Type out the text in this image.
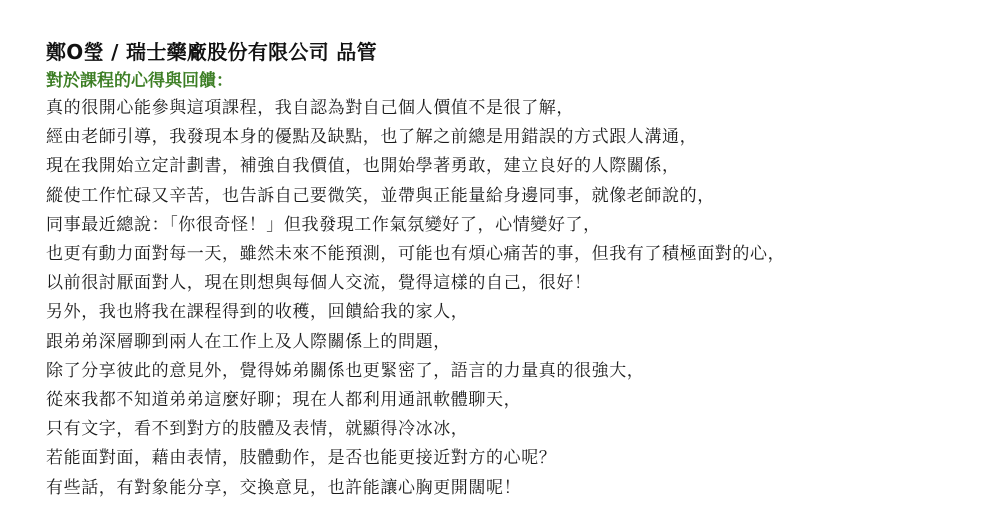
鄭O瑩 / 瑞士藥廠股份有限公司 品管
對於課程的心得與回饋：
真的很開心能參與這項課程，我自認為對自己個人價值不是很了解，
經由老師引導，我發現本身的優點及缺點，也了解之前總是用錯誤的方式跟人溝通，
現在我開始立定計劃書，補強自我價值，也開始學著勇敢，建立良好的人際關係，
縱使工作忙碌又辛苦，也告訴自己要微笑，並帶與正能量給身邊同事，就像老師說的，
同事最近總說：「你很奇怪！」但我發現工作氣氛變好了，心情變好了，
也更有動力面對每一天，雖然未來不能預測，可能也有煩心痛苦的事，但我有了積極面對的心，
以前很討厭面對人，現在則想與每個人交流，覺得這樣的自己，很好！
另外，我也將我在課程得到的收穫，回饋給我的家人，
跟弟弟深層聊到兩人在工作上及人際關係上的問題，
除了分享彼此的意見外，覺得姊弟關係也更緊密了，語言的力量真的很強大，
從來我都不知道弟弟這麼好聊；現在人都利用通訊軟體聊天，
只有文字，看不到對方的肢體及表情，就顯得冷冰冰，
若能面對面，藉由表情，肢體動作，是否也能更接近對方的心呢？
有些話，有對象能分享，交換意見，也許能讓心胸更開闊呢！
